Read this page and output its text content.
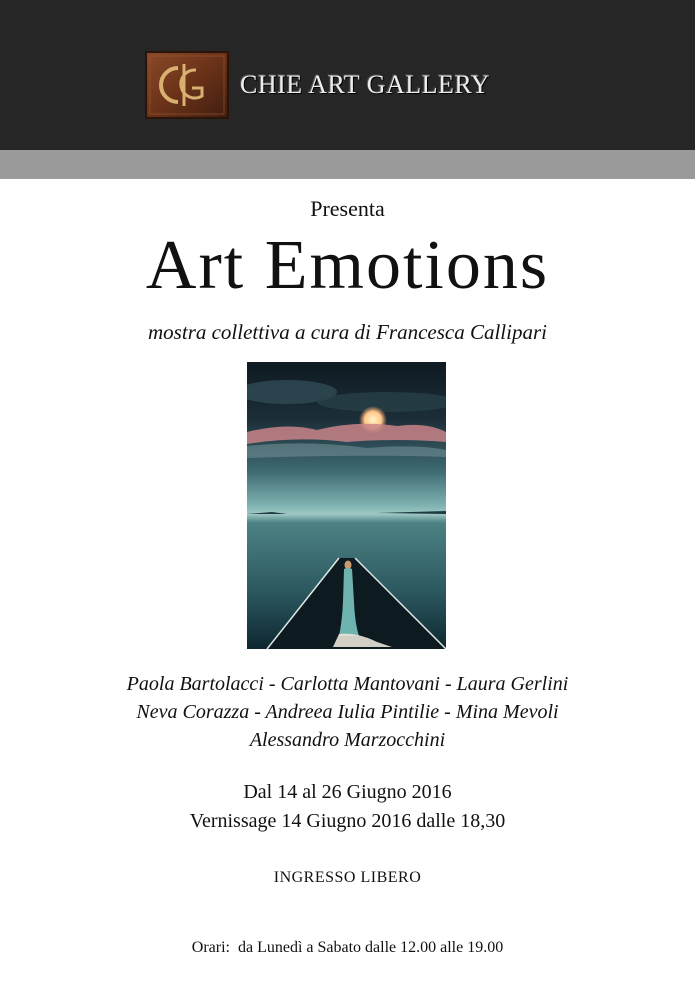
CHIE ART GALLERY
Presenta
Art Emotions
mostra collettiva a cura di Francesca Callipari
Paola Bartolacci - Carlotta Mantovani - Laura Gerlini
Neva Corazza - Andreea Iulia Pintilie - Mina Mevoli
Alessandro Marzocchini
Dal 14 al 26 Giugno 2016
Vernissage 14 Giugno 2016 dalle 18,30
INGRESSO LIBERO
Orari: da Lunedì a Sabato dalle 12.00 alle 19.00
